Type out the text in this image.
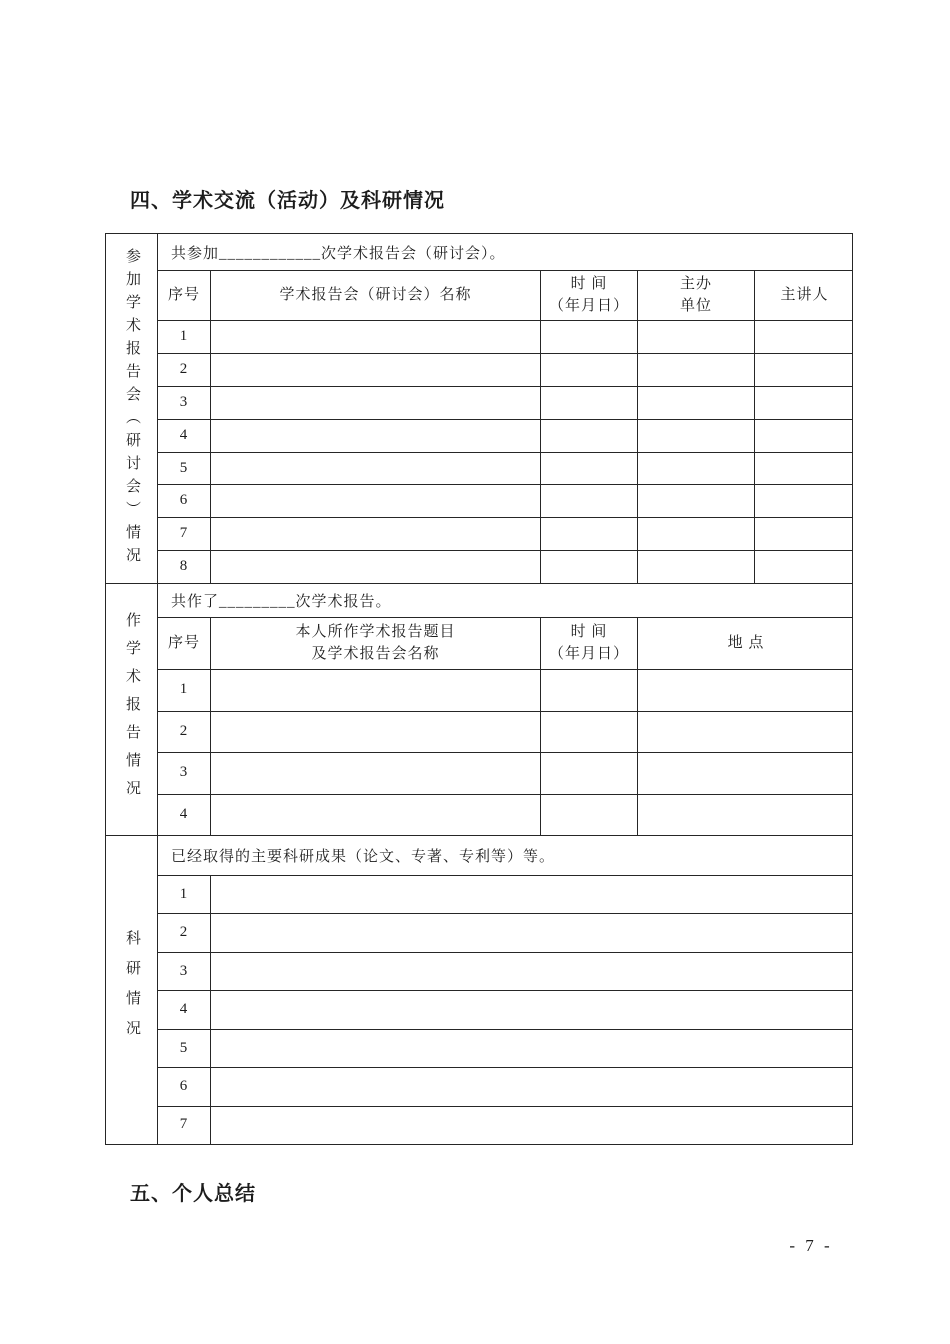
四、学术交流（活动）及科研情况
参加学术报告会（研讨会）情况 共参加____________次学术报告会（研讨会）。
序号	学术报告会（研讨会）名称
时 间
（年月日）
主办
单位
主讲人
1
2
3
4
5
6
7
8
作学术报告情况
共作了_________次学术报告。
序号
本人所作学术报告题目
及学术报告会名称
时 间
（年月日）
地 点
1
2
3
4
科研情况
已经取得的主要科研成果（论文、专著、专利等）等。
1
2
3
4
5
6
7
五、个人总结
- 7 -
